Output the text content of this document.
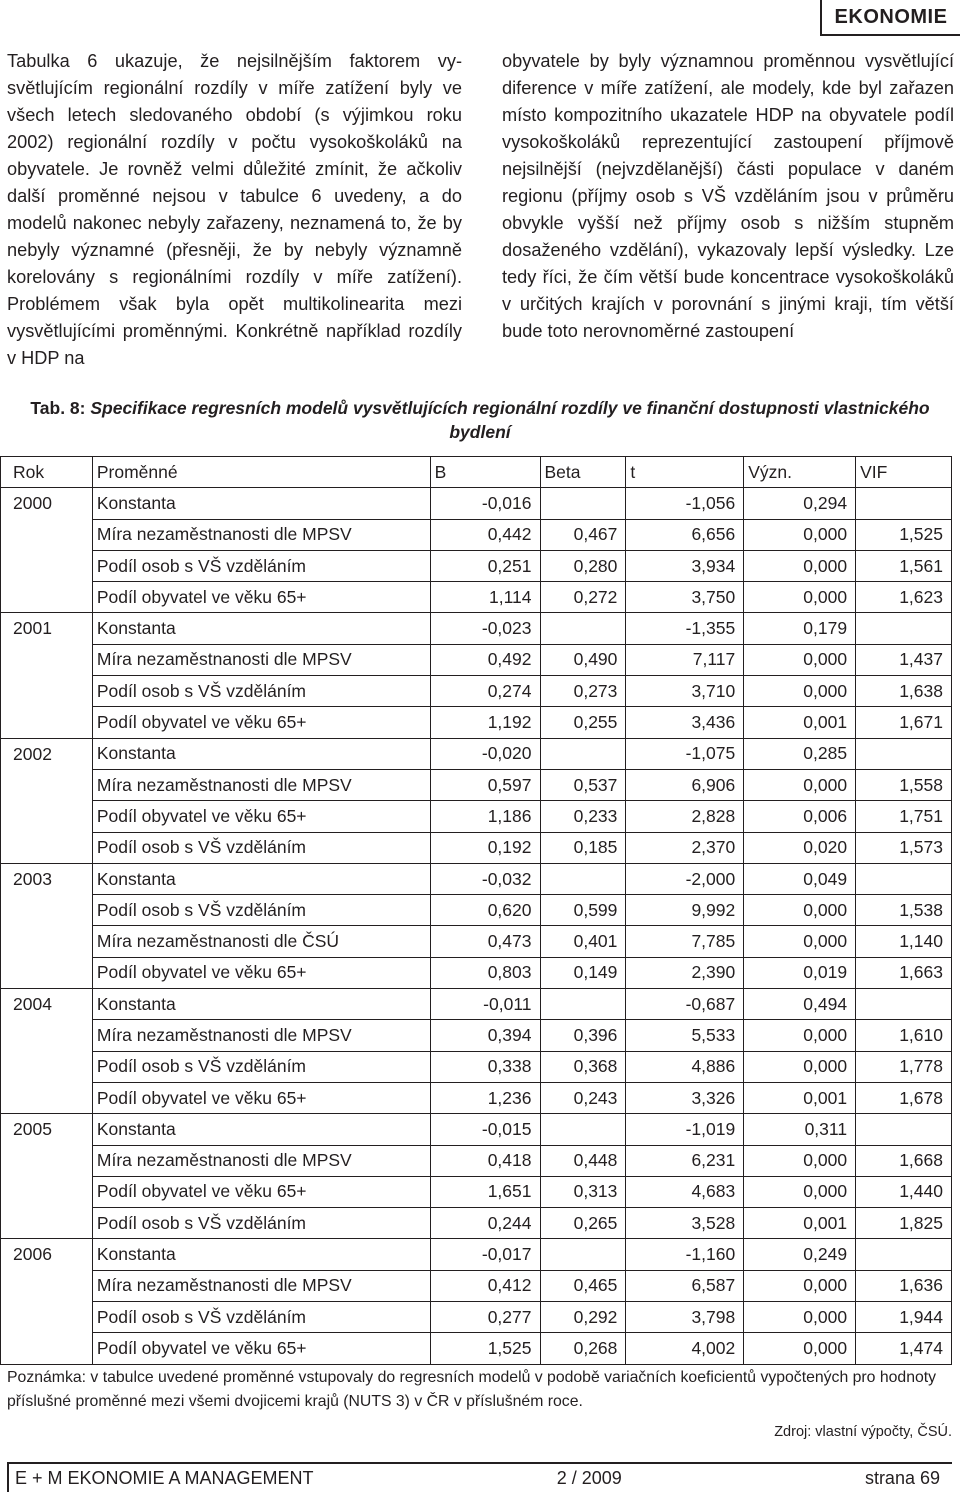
EKONOMIE
Tabulka 6 ukazuje, že nejsilnějším faktorem vysvětlujícím regionální rozdíly v míře zatížení byly ve všech letech sledovaného období (s výjimkou roku 2002) regionální rozdíly v počtu vysokoškoláků na obyvatele. Je rovněž velmi důležité zmínit, že ačkoliv další proměnné nejsou v tabulce 6 uvedeny, a do modelů nakonec nebyly zařazeny, neznamená to, že by nebyly významné (přesněji, že by nebyly významně korelovány s regionálními rozdíly v míře zatížení). Problémem však byla opět multikolinearita mezi vysvětlujícími proměnnými. Konkrétně například rozdíly v HDP na
obyvatele by byly významnou proměnnou vysvětlující diference v míře zatížení, ale modely, kde byl zařazen místo kompozitního ukazatele HDP na obyvatele podíl vysokoškoláků reprezentující zastoupení příjmově nejsilnější (nejvzdělanější) části populace v daném regionu (příjmy osob s VŠ vzděláním jsou v průměru obvykle vyšší než příjmy osob s nižším stupněm dosaženého vzdělání), vykazovaly lepší výsledky. Lze tedy říci, že čím větší bude koncentrace vysokoškoláků v určitých krajích v porovnání s jinými kraji, tím větší bude toto nerovnoměrné zastoupení
Tab. 8: Specifikace regresních modelů vysvětlujících regionální rozdíly ve finanční dostupnosti vlastnického bydlení
Rok	Proměnné	B	Beta	t	Význ.	VIF
2000	Konstanta	-0,016		-1,056	0,294	
	Míra nezaměstnanosti dle MPSV	0,442	0,467	6,656	0,000	1,525
	Podíl osob s VŠ vzděláním	0,251	0,280	3,934	0,000	1,561
	Podíl obyvatel ve věku 65+	1,114	0,272	3,750	0,000	1,623
2001	Konstanta	-0,023		-1,355	0,179	
	Míra nezaměstnanosti dle MPSV	0,492	0,490	7,117	0,000	1,437
	Podíl osob s VŠ vzděláním	0,274	0,273	3,710	0,000	1,638
	Podíl obyvatel ve věku 65+	1,192	0,255	3,436	0,001	1,671
2002	Konstanta	-0,020		-1,075	0,285	
	Míra nezaměstnanosti dle MPSV	0,597	0,537	6,906	0,000	1,558
	Podíl obyvatel ve věku 65+	1,186	0,233	2,828	0,006	1,751
	Podíl osob s VŠ vzděláním	0,192	0,185	2,370	0,020	1,573
2003	Konstanta	-0,032		-2,000	0,049	
	Podíl osob s VŠ vzděláním	0,620	0,599	9,992	0,000	1,538
	Míra nezaměstnanosti dle ČSÚ	0,473	0,401	7,785	0,000	1,140
	Podíl obyvatel ve věku 65+	0,803	0,149	2,390	0,019	1,663
2004	Konstanta	-0,011		-0,687	0,494	
	Míra nezaměstnanosti dle MPSV	0,394	0,396	5,533	0,000	1,610
	Podíl osob s VŠ vzděláním	0,338	0,368	4,886	0,000	1,778
	Podíl obyvatel ve věku 65+	1,236	0,243	3,326	0,001	1,678
2005	Konstanta	-0,015		-1,019	0,311	
	Míra nezaměstnanosti dle MPSV	0,418	0,448	6,231	0,000	1,668
	Podíl obyvatel ve věku 65+	1,651	0,313	4,683	0,000	1,440
	Podíl osob s VŠ vzděláním	0,244	0,265	3,528	0,001	1,825
2006	Konstanta	-0,017		-1,160	0,249	
	Míra nezaměstnanosti dle MPSV	0,412	0,465	6,587	0,000	1,636
	Podíl osob s VŠ vzděláním	0,277	0,292	3,798	0,000	1,944
	Podíl obyvatel ve věku 65+	1,525	0,268	4,002	0,000	1,474
Poznámka: v tabulce uvedené proměnné vstupovaly do regresních modelů v podobě variačních koeficientů vypočtených pro hodnoty příslušné proměnné mezi všemi dvojicemi krajů (NUTS 3) v ČR v příslušném roce.
Zdroj: vlastní výpočty, ČSÚ.
E + M EKONOMIE A MANAGEMENT	2 / 2009	strana 69
